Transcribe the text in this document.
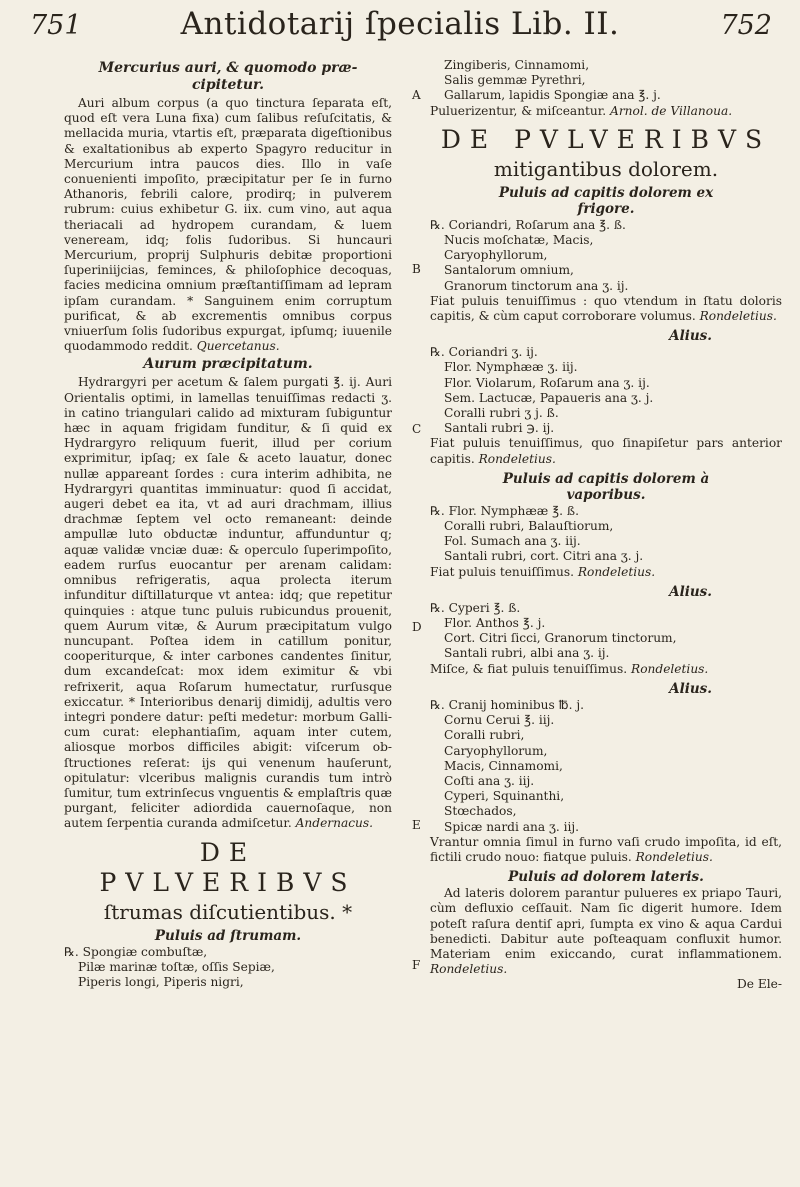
751	Antidotarij ſpecialis Lib. II.	752
A
B
C
D
E
F
Mercurius auri, & quomodo præ-
cipitetur.

Auri album corpus (a quo tinctura ſeparata eſt, quod eſt vera Luna fixa) cum ſalibus reſuſcitatis, & mellacida muria, vtartis eſt, præparata digeſtionibus & exaltationibus ab experto Spagyro reducitur in Mercurium intra paucos dies. Illo in vaſe conuenienti impoſito, præcipitatur per ſe in furno Athanoris, febrili calore, prodirq; in pulverem rubrum: cuius exhibetur G. iix. cum vino, aut aqua theriacali ad hydropem curandam, & luem veneream, idq; folis ſudoribus. Si huncauri Mercurium, proprij Sulphuris debitæ proportioni ſuperiniijcias, feminces, & philoſophice decoquas, facies medicina omnium præſtantiſſimam ad lepram ipſam curandam. * Sanguinem enim corruptum purificat, & ab excrementis omnibus corpus vniuerſum ſolis ſudoribus expurgat, ipſumq; iuuenile quodammodo reddit. Quercetanus.

Aurum præcipitatum.

Hydrargyri per acetum & ſalem purgati ℥. ij. Auri Orientalis optimi, in lamellas tenuiſſimas redacti ʒ. in catino triangulari calido ad mixturam ſubiguntur hæc in aquam frigidam funditur, & ſi quid ex Hydrargyro reliquum fuerit, illud per corium exprimitur, ipſaq; ex ſale & aceto lauatur, donec nullæ appareant ſordes : cura interim adhibita, ne Hydrargyri quantitas imminuatur: quod ſi accidat, augeri debet ea ita, vt ad auri drachmam, illius drachmæ ſeptem vel octo remaneant: deinde ampullæ luto obductæ induntur, affunduntur q; aquæ validæ vnciæ duæ: & operculo ſuperimpoſito, eadem rurſus euocantur per arenam calidam: omnibus refrigeratis, aqua prolecta iterum infunditur diſtillaturque vt antea: idq; que repetitur quinquies : atque tunc puluis rubicundus prouenit, quem Aurum vitæ, & Aurum præcipitatum vulgo nuncupant. Poſtea idem in catillum ponitur, cooperiturque, & inter carbones candentes ſinitur, dum excandeſcat: mox idem eximitur & vbi refrixerit, aqua Roſarum humectatur, rurſusque exiccatur. * Interioribus denarij dimidij, adultis vero integri pondere datur: peſti medetur: morbum Gallicum curat: elephantiaſim, aquam inter cutem, aliosque morbos difficiles abigit: viſcerum obſtructiones reſerat: ijs qui venenum hauſerunt, opitulatur: vlceribus malignis curandis tum intrò ſumitur, tum extrinſecus vnguentis & emplaſtris quæ purgant, feliciter adiordida cauernoſaque, non autem ſerpentia curanda admiſcetur. Andernacus.

DE PVLVERIBVS
ſtrumas diſcutientibus. *
Puluis ad ſtrumam.

℞. Spongiæ combuſtæ,

Pilæ marinæ toſtæ, oſſis Sepiæ,

Piperis longi, Piperis nigri,

Zingiberis, Cinnamomi,

Salis gemmæ Pyrethri,

Gallarum, lapidis Spongiæ ana ℥. j.

Puluerizentur, & miſceantur. Arnol. de Villanoua.

DE PVLVERIBVS
mitigantibus dolorem.
Puluis ad capitis dolorem ex
frigore.

℞. Coriandri, Roſarum ana ℥. ß.

Nucis moſchatæ, Macis,

Caryophyllorum,

Santalorum omnium,

Granorum tinctorum ana ʒ. ij.

Fiat puluis tenuiſſimus : quo vtendum in ſtatu doloris capitis, & cùm caput corroborare volumus. Rondeletius.

Alius.

℞. Coriandri ʒ. ij.

Flor. Nymphææ ʒ. iij.

Flor. Violarum, Roſarum ana ʒ. ij.

Sem. Lactucæ, Papaueris ana ʒ. j.

Coralli rubri ʒ j. ß.

Santali rubri ℈. ij.

Fiat puluis tenuiſſimus, quo ſinapiſetur pars anterior capitis. Rondeletius.

Puluis ad capitis dolorem à
vaporibus.

℞. Flor. Nymphææ ℥. ß.

Coralli rubri, Balauſtiorum,

Fol. Sumach ana ʒ. iij.

Santali rubri, cort. Citri ana ʒ. j.

Fiat puluis tenuiſſimus. Rondeletius.

Alius.

℞. Cyperi ℥. ß.

Flor. Anthos ℥. j.

Cort. Citri ſicci, Granorum tinctorum,

Santali rubri, albi ana ʒ. ij.

Miſce, & fiat puluis tenuiſſimus. Rondeletius.

Alius.

℞. Cranij hominibus ℔. j.

Cornu Cerui ℥. iij.

Coralli rubri,

Caryophyllorum,

Macis, Cinnamomi,

Coſti ana ʒ. iij.

Cyperi, Squinanthi,

Stœchados,

Spicæ nardi ana ʒ. iij.

Vrantur omnia ſimul in furno vaſi crudo impoſita, id eſt, fictili crudo nouo: fiatque puluis. Rondeletius.

Puluis ad dolorem lateris.

Ad lateris dolorem parantur pulueres ex priapo Tauri, cùm defluxio ceſſauit. Nam ſic digerit humore. Idem poteſt raſura dentiſ apri, ſumpta ex vino & aqua Cardui benedicti. Dabitur aute poſteaquam confluxit humor. Materiam enim exiccando, curat inflammationem. Rondeletius.

De Ele-
